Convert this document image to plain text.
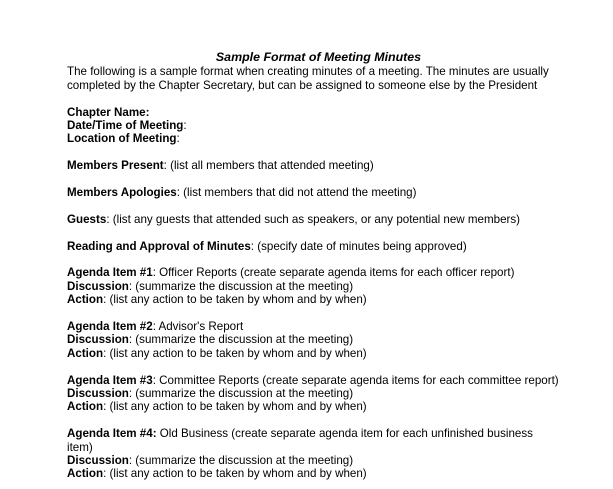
Sample Format of Meeting Minutes
The following is a sample format when creating minutes of a meeting. The minutes are usually
completed by the Chapter Secretary, but can be assigned to someone else by the President
Chapter Name:
Date/Time of Meeting:
Location of Meeting:
Members Present: (list all members that attended meeting)
Members Apologies: (list members that did not attend the meeting)
Guests: (list any guests that attended such as speakers, or any potential new members)
Reading and Approval of Minutes: (specify date of minutes being approved)
Agenda Item #1: Officer Reports (create separate agenda items for each officer report)
Discussion: (summarize the discussion at the meeting)
Action: (list any action to be taken by whom and by when)
Agenda Item #2: Advisor's Report
Discussion: (summarize the discussion at the meeting)
Action: (list any action to be taken by whom and by when)
Agenda Item #3: Committee Reports (create separate agenda items for each committee report)
Discussion: (summarize the discussion at the meeting)
Action: (list any action to be taken by whom and by when)
Agenda Item #4: Old Business (create separate agenda item for each unfinished business item)
Discussion: (summarize the discussion at the meeting)
Action: (list any action to be taken by whom and by when)
